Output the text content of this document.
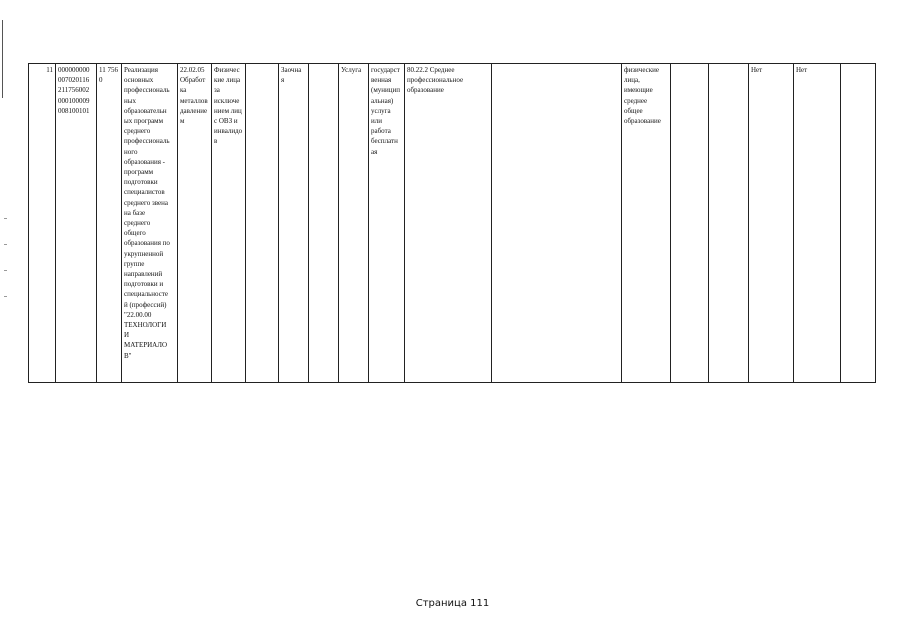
11	000000000
007020116
211756002
000100009
008100101	11 756
0	Реализация
основных
профессиональ
ных
образовательн
ых программ
среднего
профессиональ
ного
образования -
программ
подготовки
специалистов
среднего звена
на базе
среднего
общего
образования по
укрупненной
группе
направлений
подготовки и
специальносте
й (профессий)
"22.00.00
ТЕХНОЛОГИ
И
МАТЕРИАЛО
В"	22.02.05
Обработ
ка
металлов
давление
м	Физичес
кие лица
за
исключе
нием лиц
с ОВЗ и
инвалидо
в		Заочна
я		Услуга	государст
венная
(муницип
альная)
услуга
или
работа
бесплатн
ая	80.22.2 Среднее
профессиональное
образование			физические
лица,
имеющие
среднее
общее
образование				Нет	Нет	
Страница 111
